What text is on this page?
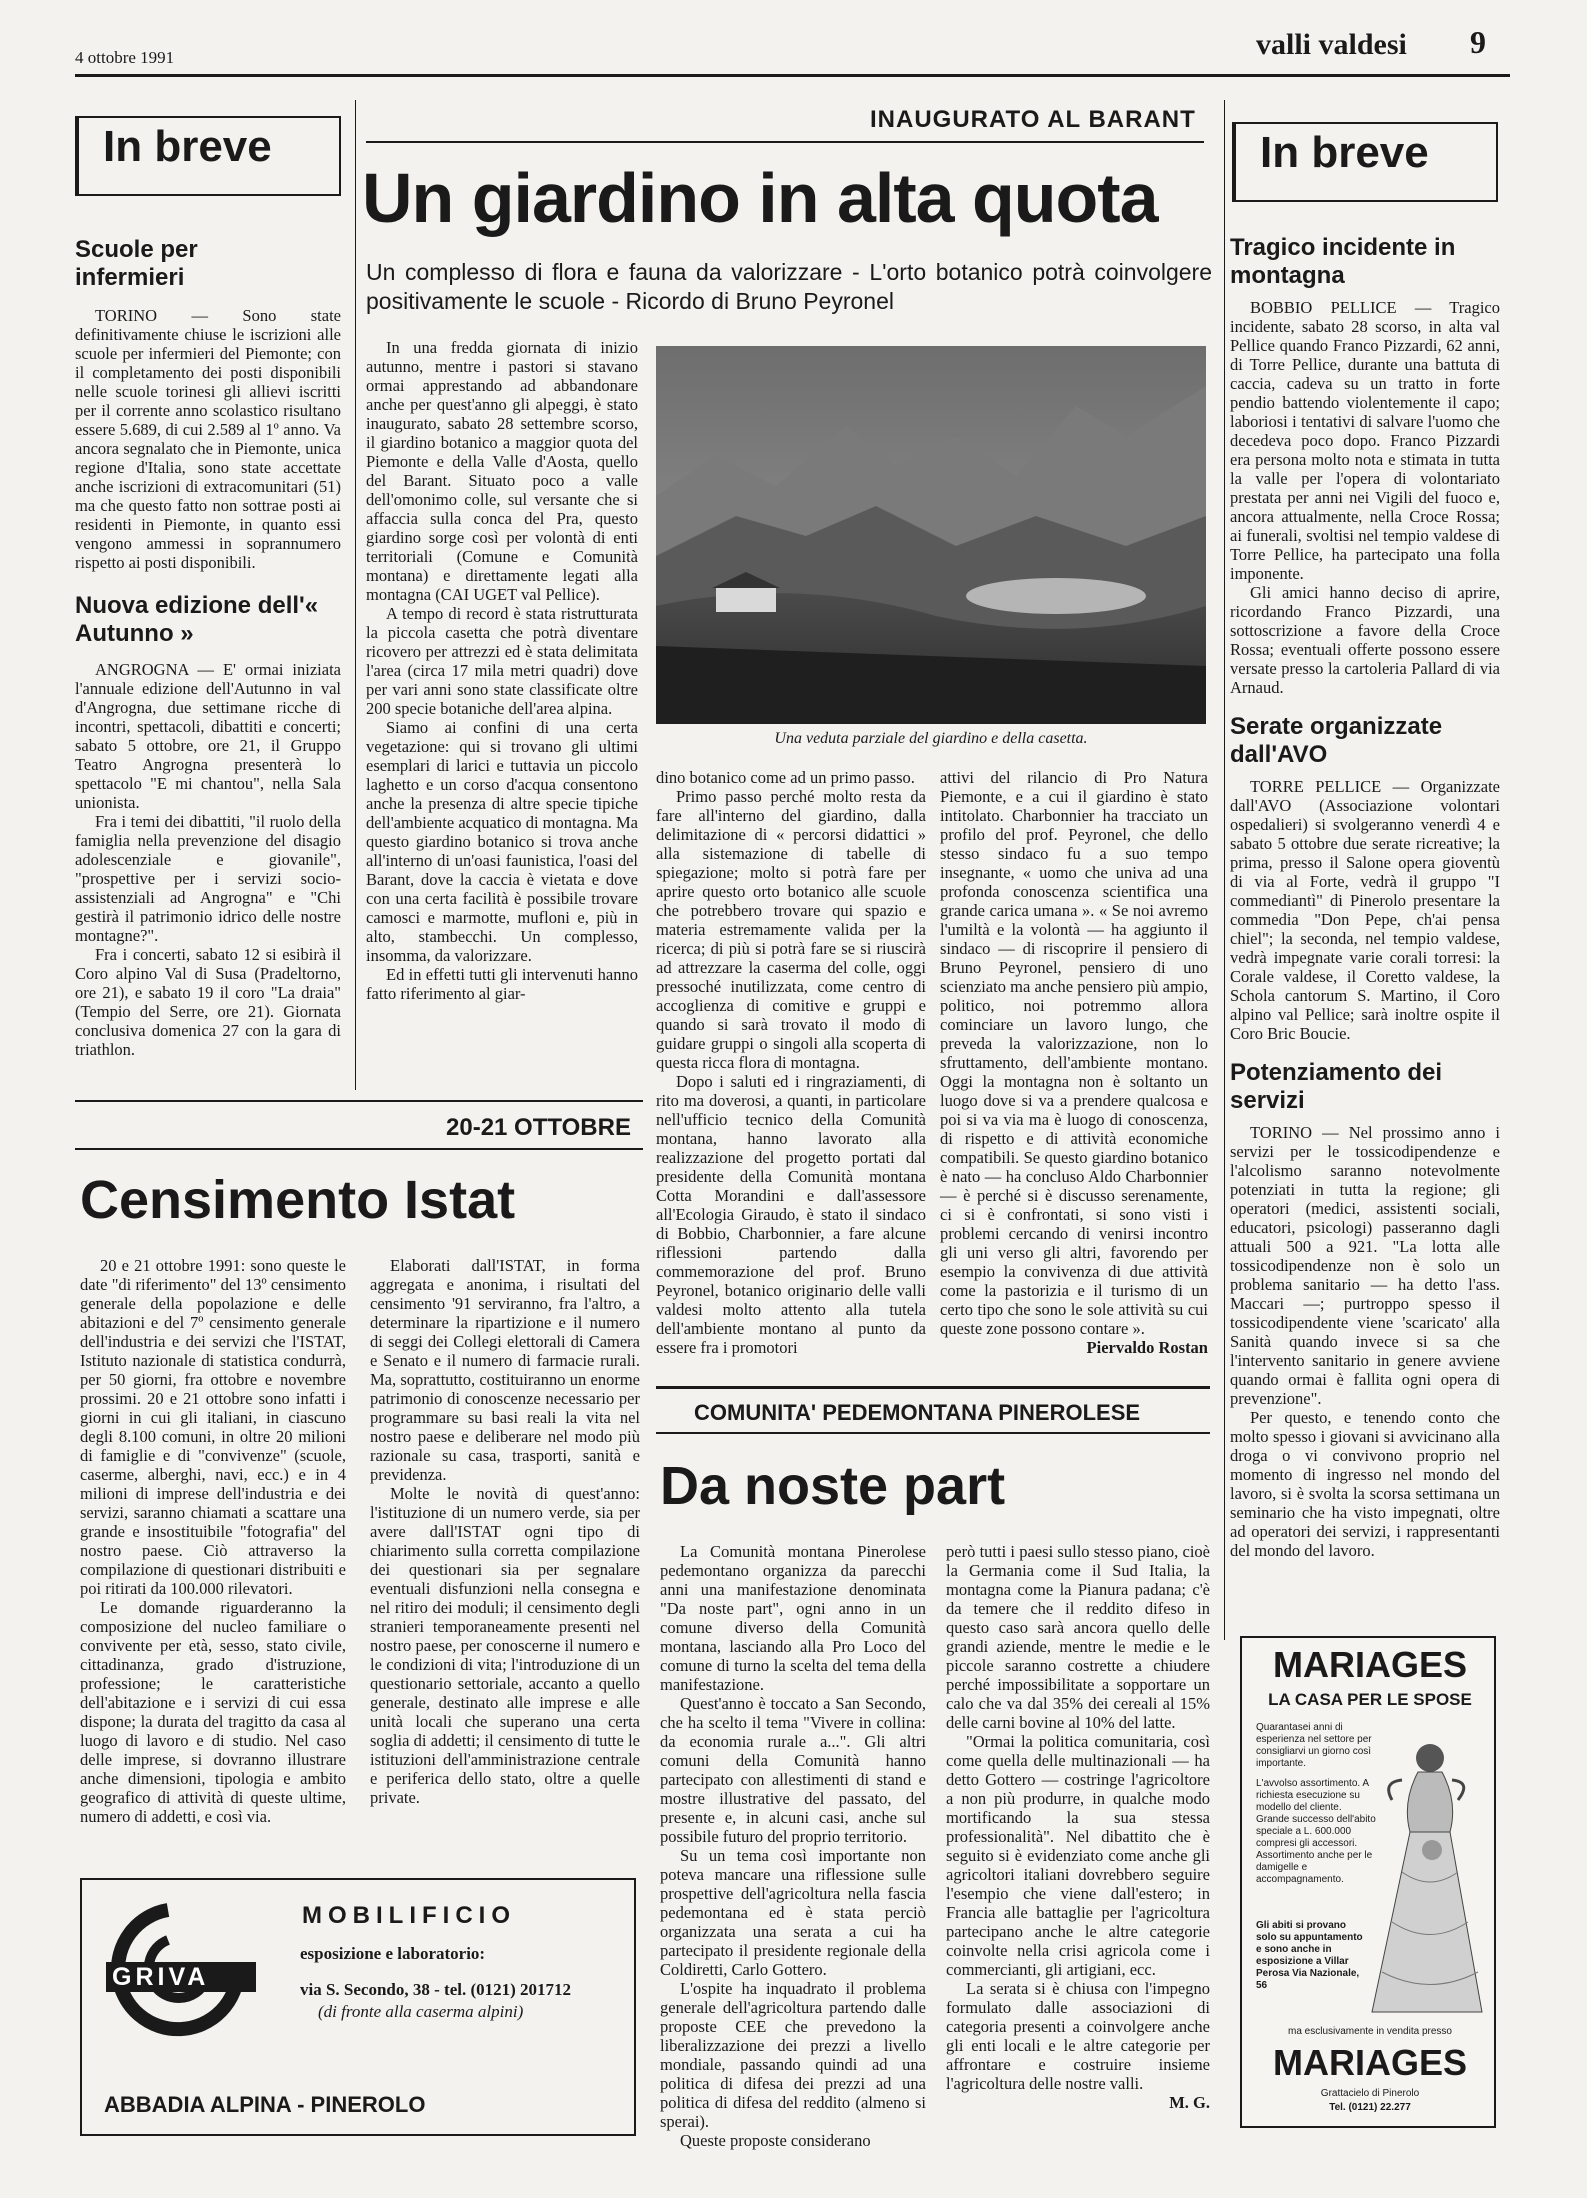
4 ottobre 1991	valli valdesi 9
In breve
Scuole per infermieri

TORINO — Sono state definitivamente chiuse le iscrizioni alle scuole per infermieri del Piemonte; con il completamento dei posti disponibili nelle scuole torinesi gli allievi iscritti per il corrente anno scolastico risultano essere 5.689, di cui 2.589 al 1º anno. Va ancora segnalato che in Piemonte, unica regione d'Italia, sono state accettate anche iscrizioni di extracomunitari (51) ma che questo fatto non sottrae posti ai residenti in Piemonte, in quanto essi vengono ammessi in soprannumero rispetto ai posti disponibili.

Nuova edizione dell'« Autunno »

ANGROGNA — E' ormai iniziata l'annuale edizione dell'Autunno in val d'Angrogna, due settimane ricche di incontri, spettacoli, dibattiti e concerti; sabato 5 ottobre, ore 21, il Gruppo Teatro Angrogna presenterà lo spettacolo "E mi chantou", nella Sala unionista.

Fra i temi dei dibattiti, "il ruolo della famiglia nella prevenzione del disagio adolescenziale e giovanile", "prospettive per i servizi socio-assistenziali ad Angrogna" e "Chi gestirà il patrimonio idrico delle nostre montagne?".

Fra i concerti, sabato 12 si esibirà il Coro alpino Val di Susa (Pradeltorno, ore 21), e sabato 19 il coro "La draia" (Tempio del Serre, ore 21). Giornata conclusiva domenica 27 con la gara di triathlon.

INAUGURATO AL BARANT
Un giardino in alta quota
Un complesso di flora e fauna da valorizzare - L'orto botanico potrà coinvolgere positivamente le scuole - Ricordo di Bruno Peyronel

In una fredda giornata di inizio autunno, mentre i pastori si stavano ormai apprestando ad abbandonare anche per quest'anno gli alpeggi, è stato inaugurato, sabato 28 settembre scorso, il giardino botanico a maggior quota del Piemonte e della Valle d'Aosta, quello del Barant. Situato poco a valle dell'omonimo colle, sul versante che si affaccia sulla conca del Pra, questo giardino sorge così per volontà di enti territoriali (Comune e Comunità montana) e direttamente legati alla montagna (CAI UGET val Pellice).

A tempo di record è stata ristrutturata la piccola casetta che potrà diventare ricovero per attrezzi ed è stata delimitata l'area (circa 17 mila metri quadri) dove per vari anni sono state classificate oltre 200 specie botaniche dell'area alpina.

Siamo ai confini di una certa vegetazione: qui si trovano gli ultimi esemplari di larici e tuttavia un piccolo laghetto e un corso d'acqua consentono anche la presenza di altre specie tipiche dell'ambiente acquatico di montagna. Ma questo giardino botanico si trova anche all'interno di un'oasi faunistica, l'oasi del Barant, dove la caccia è vietata e dove con una certa facilità è possibile trovare camosci e marmotte, mufloni e, più in alto, stambecchi. Un complesso, insomma, da valorizzare.

Ed in effetti tutti gli intervenuti hanno fatto riferimento al giar-

Una veduta parziale del giardino e della casetta.

dino botanico come ad un primo passo.

Primo passo perché molto resta da fare all'interno del giardino, dalla delimitazione di « percorsi didattici » alla sistemazione di tabelle di spiegazione; molto si potrà fare per aprire questo orto botanico alle scuole che potrebbero trovare qui spazio e materia estremamente valida per la ricerca; di più si potrà fare se si riuscirà ad attrezzare la caserma del colle, oggi pressoché inutilizzata, come centro di accoglienza di comitive e gruppi e quando si sarà trovato il modo di guidare gruppi o singoli alla scoperta di questa ricca flora di montagna.

Dopo i saluti ed i ringraziamenti, di rito ma doverosi, a quanti, in particolare nell'ufficio tecnico della Comunità montana, hanno lavorato alla realizzazione del progetto portati dal presidente della Comunità montana Cotta Morandini e dall'assessore all'Ecologia Giraudo, è stato il sindaco di Bobbio, Charbonnier, a fare alcune riflessioni partendo dalla commemorazione del prof. Bruno Peyronel, botanico originario delle valli valdesi molto attento alla tutela dell'ambiente montano al punto da essere fra i promotori

attivi del rilancio di Pro Natura Piemonte, e a cui il giardino è stato intitolato. Charbonnier ha tracciato un profilo del prof. Peyronel, che dello stesso sindaco fu a suo tempo insegnante, « uomo che univa ad una profonda conoscenza scientifica una grande carica umana ». « Se noi avremo l'umiltà e la volontà — ha aggiunto il sindaco — di riscoprire il pensiero di Bruno Peyronel, pensiero di uno scienziato ma anche pensiero più ampio, politico, noi potremmo allora cominciare un lavoro lungo, che preveda la valorizzazione, non lo sfruttamento, dell'ambiente montano. Oggi la montagna non è soltanto un luogo dove si va a prendere qualcosa e poi si va via ma è luogo di conoscenza, di rispetto e di attività economiche compatibili. Se questo giardino botanico è nato — ha concluso Aldo Charbonnier — è perché si è discusso serenamente, ci si è confrontati, si sono visti i problemi cercando di venirsi incontro gli uni verso gli altri, favorendo per esempio la convivenza di due attività come la pastorizia e il turismo di un certo tipo che sono le sole attività su cui queste zone possono contare ».

Piervaldo Rostan
20-21 OTTOBRE
Censimento Istat

20 e 21 ottobre 1991: sono queste le date "di riferimento" del 13º censimento generale della popolazione e delle abitazioni e del 7º censimento generale dell'industria e dei servizi che l'ISTAT, Istituto nazionale di statistica condurrà, per 50 giorni, fra ottobre e novembre prossimi. 20 e 21 ottobre sono infatti i giorni in cui gli italiani, in ciascuno degli 8.100 comuni, in oltre 20 milioni di famiglie e di "convivenze" (scuole, caserme, alberghi, navi, ecc.) e in 4 milioni di imprese dell'industria e dei servizi, saranno chiamati a scattare una grande e insostituibile "fotografia" del nostro paese. Ciò attraverso la compilazione di questionari distribuiti e poi ritirati da 100.000 rilevatori.

Le domande riguarderanno la composizione del nucleo familiare o convivente per età, sesso, stato civile, cittadinanza, grado d'istruzione, professione; le caratteristiche dell'abitazione e i servizi di cui essa dispone; la durata del tragitto da casa al luogo di lavoro e di studio. Nel caso delle imprese, si dovranno illustrare anche dimensioni, tipologia e ambito geografico di attività di queste ultime, numero di addetti, e così via.

Elaborati dall'ISTAT, in forma aggregata e anonima, i risultati del censimento '91 serviranno, fra l'altro, a determinare la ripartizione e il numero di seggi dei Collegi elettorali di Camera e Senato e il numero di farmacie rurali. Ma, soprattutto, costituiranno un enorme patrimonio di conoscenze necessario per programmare su basi reali la vita nel nostro paese e deliberare nel modo più razionale su casa, trasporti, sanità e previdenza.

Molte le novità di quest'anno: l'istituzione di un numero verde, sia per avere dall'ISTAT ogni tipo di chiarimento sulla corretta compilazione dei questionari sia per segnalare eventuali disfunzioni nella consegna e nel ritiro dei moduli; il censimento degli stranieri temporaneamente presenti nel nostro paese, per conoscerne il numero e le condizioni di vita; l'introduzione di un questionario settoriale, accanto a quello generale, destinato alle imprese e alle unità locali che superano una certa soglia di addetti; il censimento di tutte le istituzioni dell'amministrazione centrale e periferica dello stato, oltre a quelle private.

GRIVA
MOBILIFICIO
esposizione e laboratorio:
via S. Secondo, 38 - tel. (0121) 201712
(di fronte alla caserma alpini)
ABBADIA ALPINA - PINEROLO
COMUNITA' PEDEMONTANA PINEROLESE
Da noste part

La Comunità montana Pinerolese pedemontano organizza da parecchi anni una manifestazione denominata "Da noste part", ogni anno in un comune diverso della Comunità montana, lasciando alla Pro Loco del comune di turno la scelta del tema della manifestazione.

Quest'anno è toccato a San Secondo, che ha scelto il tema "Vivere in collina: da economia rurale a...". Gli altri comuni della Comunità hanno partecipato con allestimenti di stand e mostre illustrative del passato, del presente e, in alcuni casi, anche sul possibile futuro del proprio territorio.

Su un tema così importante non poteva mancare una riflessione sulle prospettive dell'agricoltura nella fascia pedemontana ed è stata perciò organizzata una serata a cui ha partecipato il presidente regionale della Coldiretti, Carlo Gottero.

L'ospite ha inquadrato il problema generale dell'agricoltura partendo dalle proposte CEE che prevedono la liberalizzazione dei prezzi a livello mondiale, passando quindi ad una politica di difesa dei prezzi ad una politica di difesa del reddito (almeno si sperai).

Queste proposte considerano

però tutti i paesi sullo stesso piano, cioè la Germania come il Sud Italia, la montagna come la Pianura padana; c'è da temere che il reddito difeso in questo caso sarà ancora quello delle grandi aziende, mentre le medie e le piccole saranno costrette a chiudere perché impossibilitate a sopportare un calo che va dal 35% dei cereali al 15% delle carni bovine al 10% del latte.

"Ormai la politica comunitaria, così come quella delle multinazionali — ha detto Gottero — costringe l'agricoltore a non più produrre, in qualche modo mortificando la sua stessa professionalità". Nel dibattito che è seguito si è evidenziato come anche gli agricoltori italiani dovrebbero seguire l'esempio che viene dall'estero; in Francia alle battaglie per l'agricoltura partecipano anche le altre categorie coinvolte nella crisi agricola come i commercianti, gli artigiani, ecc.

La serata si è chiusa con l'impegno formulato dalle associazioni di categoria presenti a coinvolgere anche gli enti locali e le altre categorie per affrontare e costruire insieme l'agricoltura delle nostre valli.

M. G.
In breve
Tragico incidente in montagna

BOBBIO PELLICE — Tragico incidente, sabato 28 scorso, in alta val Pellice quando Franco Pizzardi, 62 anni, di Torre Pellice, durante una battuta di caccia, cadeva su un tratto in forte pendio battendo violentemente il capo; laboriosi i tentativi di salvare l'uomo che decedeva poco dopo. Franco Pizzardi era persona molto nota e stimata in tutta la valle per l'opera di volontariato prestata per anni nei Vigili del fuoco e, ancora attualmente, nella Croce Rossa; ai funerali, svoltisi nel tempio valdese di Torre Pellice, ha partecipato una folla imponente.

Gli amici hanno deciso di aprire, ricordando Franco Pizzardi, una sottoscrizione a favore della Croce Rossa; eventuali offerte possono essere versate presso la cartoleria Pallard di via Arnaud.

Serate organizzate dall'AVO

TORRE PELLICE — Organizzate dall'AVO (Associazione volontari ospedalieri) si svolgeranno venerdì 4 e sabato 5 ottobre due serate ricreative; la prima, presso il Salone opera gioventù di via al Forte, vedrà il gruppo "I commediantì" di Pinerolo presentare la commedia "Don Pepe, ch'ai pensa chiel"; la seconda, nel tempio valdese, vedrà impegnate varie corali torresi: la Corale valdese, il Coretto valdese, la Schola cantorum S. Martino, il Coro alpino val Pellice; sarà inoltre ospite il Coro Bric Boucie.

Potenziamento dei servizi

TORINO — Nel prossimo anno i servizi per le tossicodipendenze e l'alcolismo saranno notevolmente potenziati in tutta la regione; gli operatori (medici, assistenti sociali, educatori, psicologi) passeranno dagli attuali 500 a 921. "La lotta alle tossicodipendenze non è solo un problema sanitario — ha detto l'ass. Maccari —; purtroppo spesso il tossicodipendente viene 'scaricato' alla Sanità quando invece si sa che l'intervento sanitario in genere avviene quando ormai è fallita ogni opera di prevenzione".

Per questo, e tenendo conto che molto spesso i giovani si avvicinano alla droga o vi convivono proprio nel momento di ingresso nel mondo del lavoro, si è svolta la scorsa settimana un seminario che ha visto impegnati, oltre ad operatori dei servizi, i rappresentanti del mondo del lavoro.

MARIAGES
LA CASA PER LE SPOSE
Quarantasei anni di esperienza nel settore per consigliarvi un giorno così importante.
L'avvolso assortimento. A richiesta esecuzione su modello del cliente. Grande successo dell'abito speciale a L. 600.000 compresi gli accessori. Assortimento anche per le damigelle e accompagnamento.
Gli abiti si provano solo su appuntamento e sono anche in esposizione a Villar Perosa Via Nazionale, 56
ma esclusivamente in vendita presso
MARIAGES
Grattacielo di Pinerolo
Tel. (0121) 22.277
